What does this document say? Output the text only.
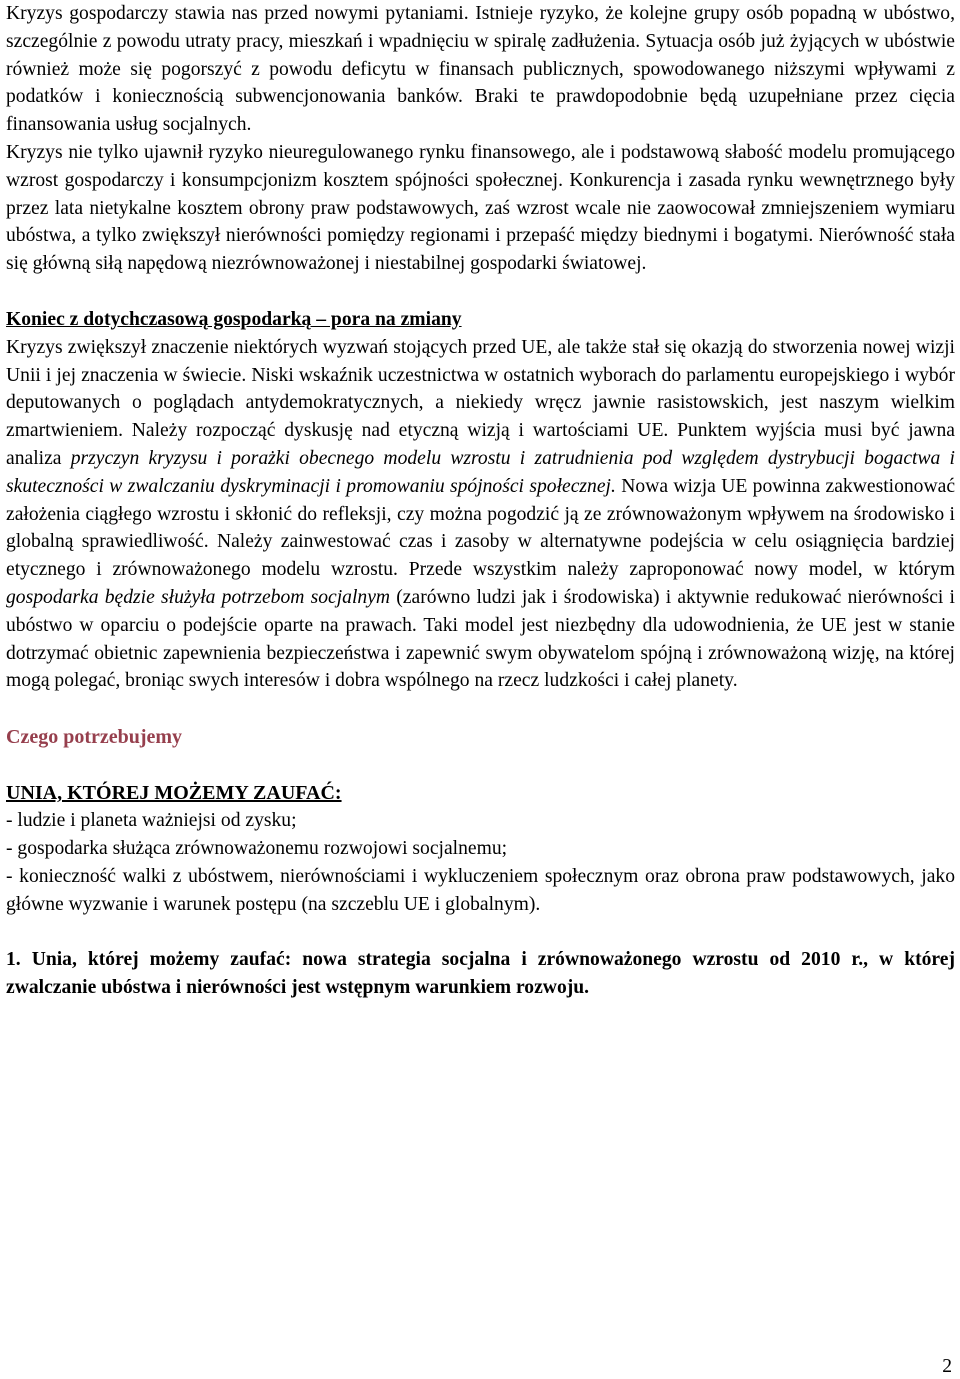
Kryzys gospodarczy stawia nas przed nowymi pytaniami. Istnieje ryzyko, że kolejne grupy osób popadną w ubóstwo, szczególnie z powodu utraty pracy, mieszkań i wpadnięciu w spiralę zadłużenia. Sytuacja osób już żyjących w ubóstwie również może się pogorszyć z powodu deficytu w finansach publicznych, spowodowanego niższymi wpływami z podatków i koniecznością subwencjonowania banków. Braki te prawdopodobnie będą uzupełniane przez cięcia finansowania usług socjalnych.

Kryzys nie tylko ujawnił ryzyko nieuregulowanego rynku finansowego, ale i podstawową słabość modelu promującego wzrost gospodarczy i konsumpcjonizm kosztem spójności społecznej. Konkurencja i zasada rynku wewnętrznego były przez lata nietykalne kosztem obrony praw podstawowych, zaś wzrost wcale nie zaowocował zmniejszeniem wymiaru ubóstwa, a tylko zwiększył nierówności pomiędzy regionami i przepaść między biednymi i bogatymi. Nierówność stała się główną siłą napędową niezrównoważonej i niestabilnej gospodarki światowej.

Koniec z dotychczasową gospodarką – pora na zmiany

Kryzys zwiększył znaczenie niektórych wyzwań stojących przed UE, ale także stał się okazją do stworzenia nowej wizji Unii i jej znaczenia w świecie. Niski wskaźnik uczestnictwa w ostatnich wyborach do parlamentu europejskiego i wybór deputowanych o poglądach antydemokratycznych, a niekiedy wręcz jawnie rasistowskich, jest naszym wielkim zmartwieniem. Należy rozpocząć dyskusję nad etyczną wizją i wartościami UE. Punktem wyjścia musi być jawna analiza przyczyn kryzysu i porażki obecnego modelu wzrostu i zatrudnienia pod względem dystrybucji bogactwa i skuteczności w zwalczaniu dyskryminacji i promowaniu spójności społecznej. Nowa wizja UE powinna zakwestionować założenia ciągłego wzrostu i skłonić do refleksji, czy można pogodzić ją ze zrównoważonym wpływem na środowisko i globalną sprawiedliwość. Należy zainwestować czas i zasoby w alternatywne podejścia w celu osiągnięcia bardziej etycznego i zrównoważonego modelu wzrostu. Przede wszystkim należy zaproponować nowy model, w którym gospodarka będzie służyła potrzebom socjalnym (zarówno ludzi jak i środowiska) i aktywnie redukować nierówności i ubóstwo w oparciu o podejście oparte na prawach. Taki model jest niezbędny dla udowodnienia, że UE jest w stanie dotrzymać obietnic zapewnienia bezpieczeństwa i zapewnić swym obywatelom spójną i zrównoważoną wizję, na której mogą polegać, broniąc swych interesów i dobra wspólnego na rzecz ludzkości i całej planety.

Czego potrzebujemy

UNIA, KTÓREJ MOŻEMY ZAUFAĆ:

- ludzie i planeta ważniejsi od zysku;

- gospodarka służąca zrównoważonemu rozwojowi socjalnemu;

- konieczność walki z ubóstwem, nierównościami i wykluczeniem społecznym oraz obrona praw podstawowych, jako główne wyzwanie i warunek postępu (na szczeblu UE i globalnym).

1. Unia, której możemy zaufać: nowa strategia socjalna i zrównoważonego wzrostu od 2010 r., w której zwalczanie ubóstwa i nierówności jest wstępnym warunkiem rozwoju.

2
